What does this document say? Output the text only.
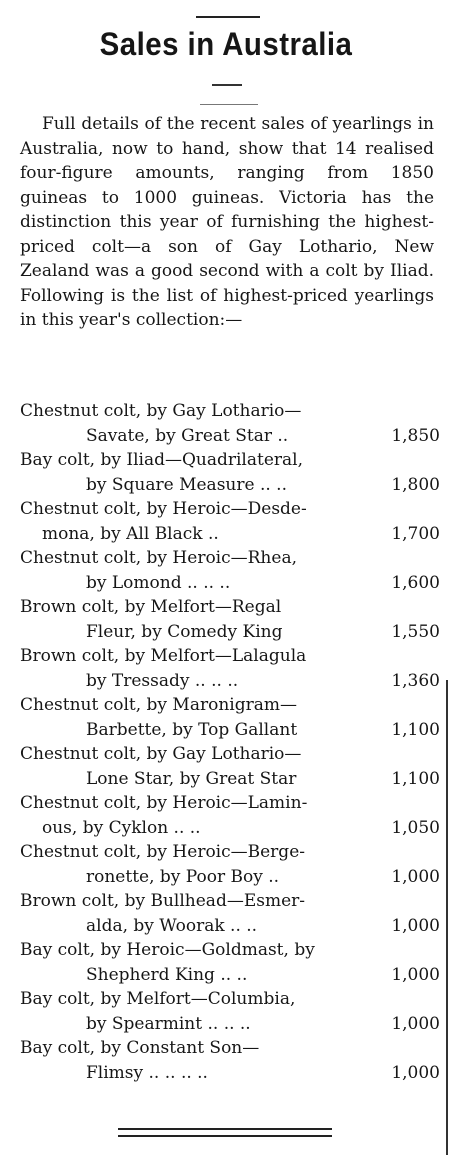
Sales in Australia

Full details of the recent sales of yearlings in Australia, now to hand, show that 14 realised four-figure amounts, ranging from 1850 guineas to 1000 guineas. Victoria has the distinction this year of furnishing the highest-priced colt—a son of Gay Lothario, New Zealand was a good second with a colt by Iliad. Following is the list of highest-priced yearlings in this year's collection:—

Chestnut colt, by Gay Lothario—
Savate, by Great Star ..	1,850
Bay colt, by Iliad—Quadrilateral,
by Square Measure .. ..	1,800
Chestnut colt, by Heroic—Desde-
mona, by All Black ..	1,700
Chestnut colt, by Heroic—Rhea,
by Lomond .. .. ..	1,600
Brown colt, by Melfort—Regal
Fleur, by Comedy King	1,550
Brown colt, by Melfort—Lalagula
by Tressady .. .. ..	1,360
Chestnut colt, by Maronigram—
Barbette, by Top Gallant	1,100
Chestnut colt, by Gay Lothario—
Lone Star, by Great Star	1,100
Chestnut colt, by Heroic—Lamin-
ous, by Cyklon .. ..	1,050
Chestnut colt, by Heroic—Berge-
ronette, by Poor Boy ..	1,000
Brown colt, by Bullhead—Esmer-
alda, by Woorak .. ..	1,000
Bay colt, by Heroic—Goldmast, by
Shepherd King .. ..	1,000
Bay colt, by Melfort—Columbia,
by Spearmint .. .. ..	1,000
Bay colt, by Constant Son—
Flimsy .. .. .. ..	1,000
